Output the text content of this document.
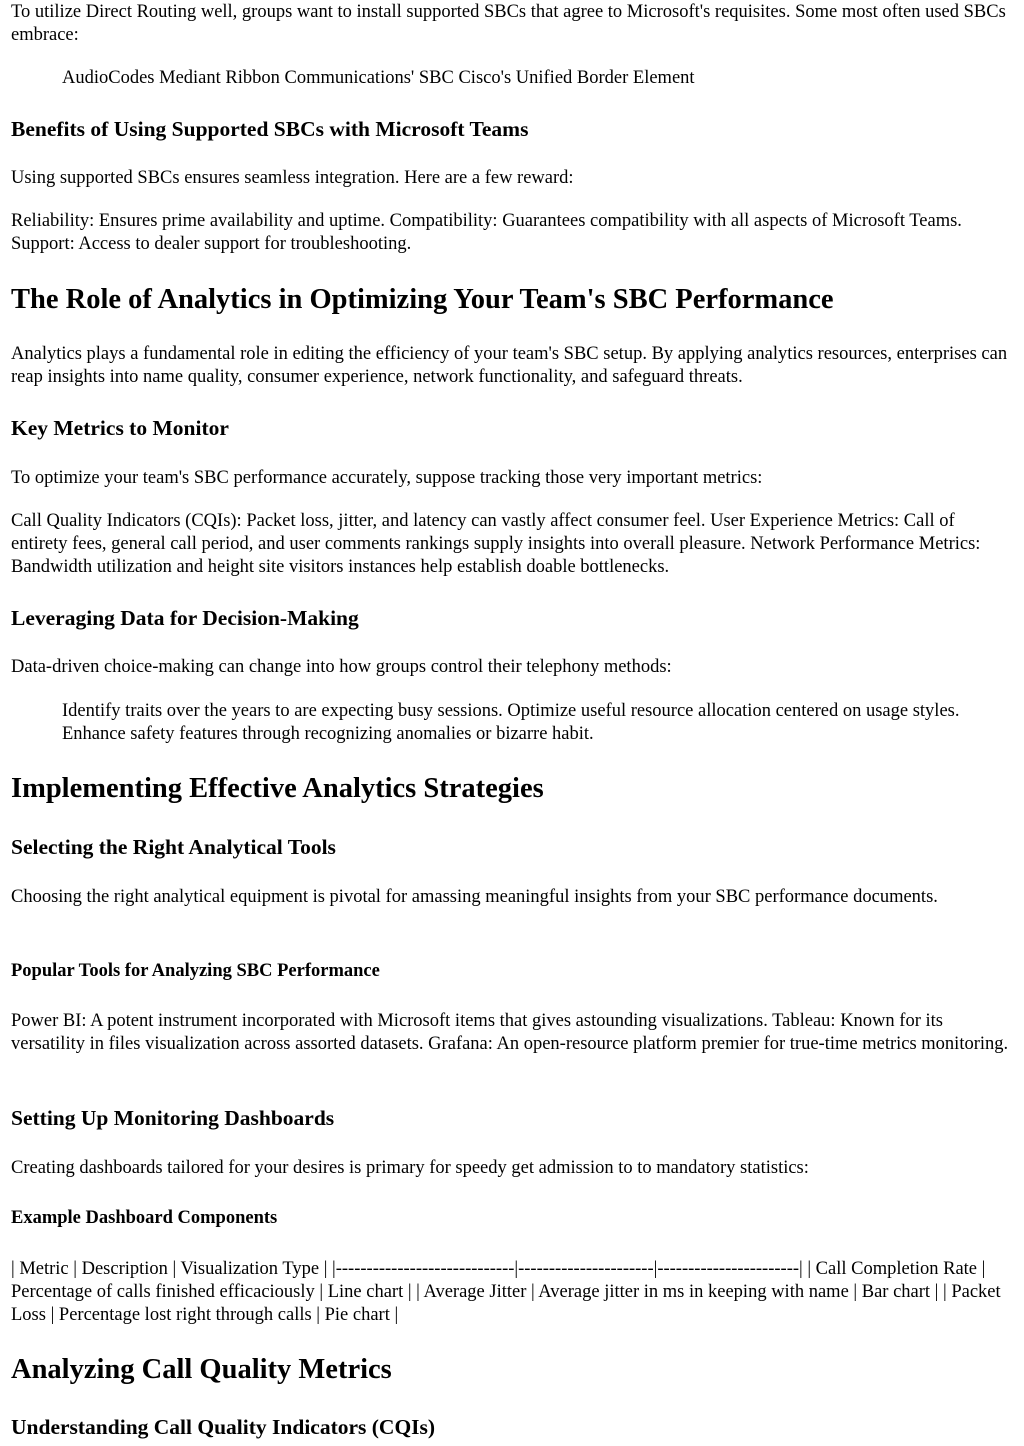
To utilize Direct Routing well, groups want to install supported SBCs that agree to Microsoft's requisites. Some most often used SBCs embrace:

AudioCodes Mediant Ribbon Communications' SBC Cisco's Unified Border Element

Benefits of Using Supported SBCs with Microsoft Teams

Using supported SBCs ensures seamless integration. Here are a few reward:

Reliability: Ensures prime availability and uptime. Compatibility: Guarantees compatibility with all aspects of Microsoft Teams. Support: Access to dealer support for troubleshooting.

The Role of Analytics in Optimizing Your Team's SBC Performance

Analytics plays a fundamental role in editing the efficiency of your team's SBC setup. By applying analytics resources, enterprises can reap insights into name quality, consumer experience, network functionality, and safeguard threats.

Key Metrics to Monitor

To optimize your team's SBC performance accurately, suppose tracking those very important metrics:

Call Quality Indicators (CQIs): Packet loss, jitter, and latency can vastly affect consumer feel. User Experience Metrics: Call of entirety fees, general call period, and user comments rankings supply insights into overall pleasure. Network Performance Metrics: Bandwidth utilization and height site visitors instances help establish doable bottlenecks.

Leveraging Data for Decision-Making

Data-driven choice-making can change into how groups control their telephony methods:

Identify traits over the years to are expecting busy sessions. Optimize useful resource allocation centered on usage styles. Enhance safety features through recognizing anomalies or bizarre habit.

Implementing Effective Analytics Strategies
Selecting the Right Analytical Tools

Choosing the right analytical equipment is pivotal for amassing meaningful insights from your SBC performance documents.

Popular Tools for Analyzing SBC Performance

Power BI: A potent instrument incorporated with Microsoft items that gives astounding visualizations. Tableau: Known for its versatility in files visualization across assorted datasets. Grafana: An open-resource platform premier for true-time metrics monitoring.

Setting Up Monitoring Dashboards

Creating dashboards tailored for your desires is primary for speedy get admission to to mandatory statistics:

Example Dashboard Components

| Metric | Description | Visualization Type | |-----------------------------|----------------------|-----------------------| | Call Completion Rate | Percentage of calls finished efficaciously | Line chart | | Average Jitter | Average jitter in ms in keeping with name | Bar chart | | Packet Loss | Percentage lost right through calls | Pie chart |

Analyzing Call Quality Metrics
Understanding Call Quality Indicators (CQIs)
